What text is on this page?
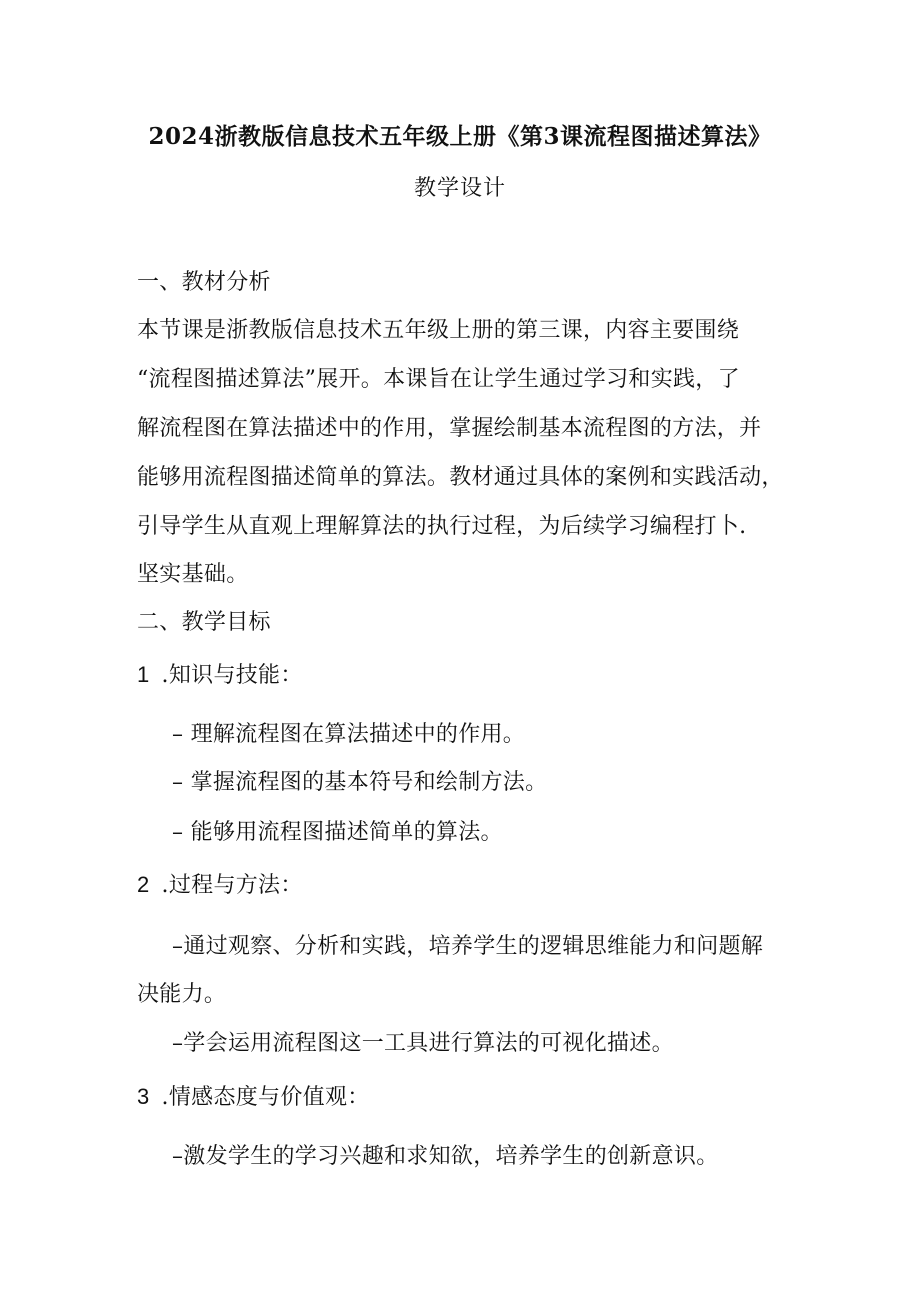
2024浙教版信息技术五年级上册《第3课流程图描述算法》
教学设计
一、教材分析
本节课是浙教版信息技术五年级上册的第三课，内容主要围绕
“流程图描述算法”展开。本课旨在让学生通过学习和实践，了
解流程图在算法描述中的作用，掌握绘制基本流程图的方法，并
能够用流程图描述简单的算法。教材通过具体的案例和实践活动，
引导学生从直观上理解算法的执行过程，为后续学习编程打卜.
坚实基础。
二、教学目标
1 .知识与技能：
– 理解流程图在算法描述中的作用。
– 掌握流程图的基本符号和绘制方法。
– 能够用流程图描述简单的算法。
2 .过程与方法：
–通过观察、分析和实践，培养学生的逻辑思维能力和问题解
决能力。
–学会运用流程图这一工具进行算法的可视化描述。
3 .情感态度与价值观：
–激发学生的学习兴趣和求知欲，培养学生的创新意识。
